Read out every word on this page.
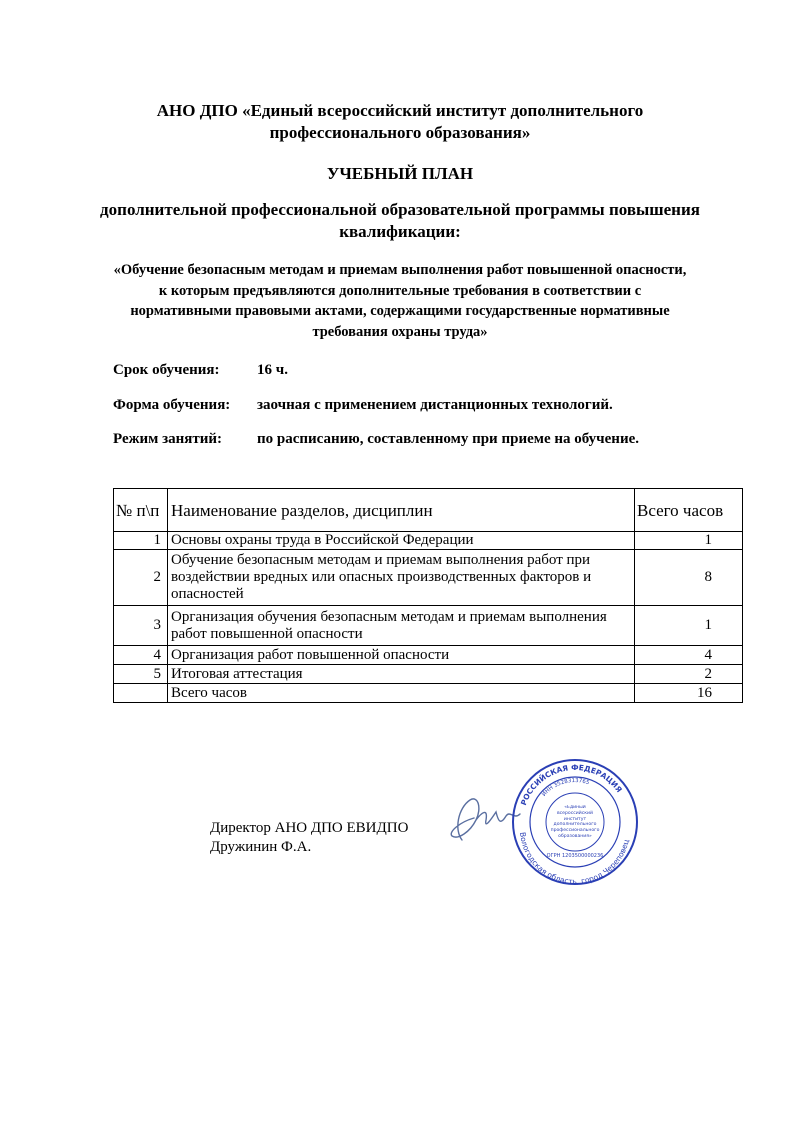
АНО ДПО «Единый всероссийский институт дополнительного профессионального образования»
УЧЕБНЫЙ ПЛАН
дополнительной профессиональной образовательной программы повышения квалификации:
«Обучение безопасным методам и приемам выполнения работ повышенной опасности, к которым предъявляются дополнительные требования в соответствии с нормативными правовыми актами, содержащими государственные нормативные требования охраны труда»
Срок обучения: 16 ч.
Форма обучения: заочная с применением дистанционных технологий.
Режим занятий: по расписанию, составленному при приеме на обучение.
№ п\п	Наименование разделов, дисциплин	Всего часов
1	Основы охраны труда в Российской Федерации	1
2	Обучение безопасным методам и приемам выполнения работ при воздействии вредных или опасных производственных факторов и опасностей	8
3	Организация обучения безопасным методам и приемам выполнения работ повышенной опасности	1
4	Организация работ повышенной опасности	4
5	Итоговая аттестация	2
	Всего часов	16
Директор АНО ДПО ЕВИДПО
Дружинин Ф.А.
РОССИЙСКАЯ ФЕДЕРАЦИЯ
Вологодская область, город Череповец
ИНН 3528313765
ОГРН 1203500000236
«Единый всероссийский институт дополнительного профессионального образования»
